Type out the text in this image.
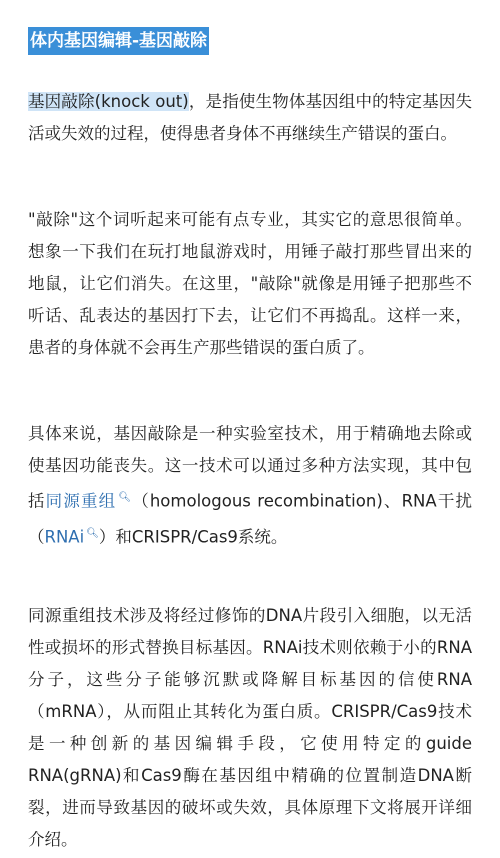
体内基因编辑-基因敲除

基因敲除(knock out)，是指使生物体基因组中的特定基因失活或失效的过程，使得患者身体不再继续生产错误的蛋白。

"敲除"这个词听起来可能有点专业，其实它的意思很简单。想象一下我们在玩打地鼠游戏时，用锤子敲打那些冒出来的地鼠，让它们消失。在这里，"敲除"就像是用锤子把那些不听话、乱表达的基因打下去，让它们不再捣乱。这样一来，患者的身体就不会再生产那些错误的蛋白质了。

具体来说，基因敲除是一种实验室技术，用于精确地去除或使基因功能丧失。这一技术可以通过多种方法实现，其中包括同源重组 🔍︎（homologous recombination)、RNA干扰（RNAi 🔍︎）和CRISPR/Cas9系统。

同源重组技术涉及将经过修饰的DNA片段引入细胞，以无活性或损坏的形式替换目标基因。RNAi技术则依赖于小的RNA分子，这些分子能够沉默或降解目标基因的信使RNA（mRNA），从而阻止其转化为蛋白质。CRISPR/Cas9技术是一种创新的基因编辑手段，它使用特定的guide RNA(gRNA)和Cas9酶在基因组中精确的位置制造DNA断裂，进而导致基因的破坏或失效，具体原理下文将展开详细介绍。
